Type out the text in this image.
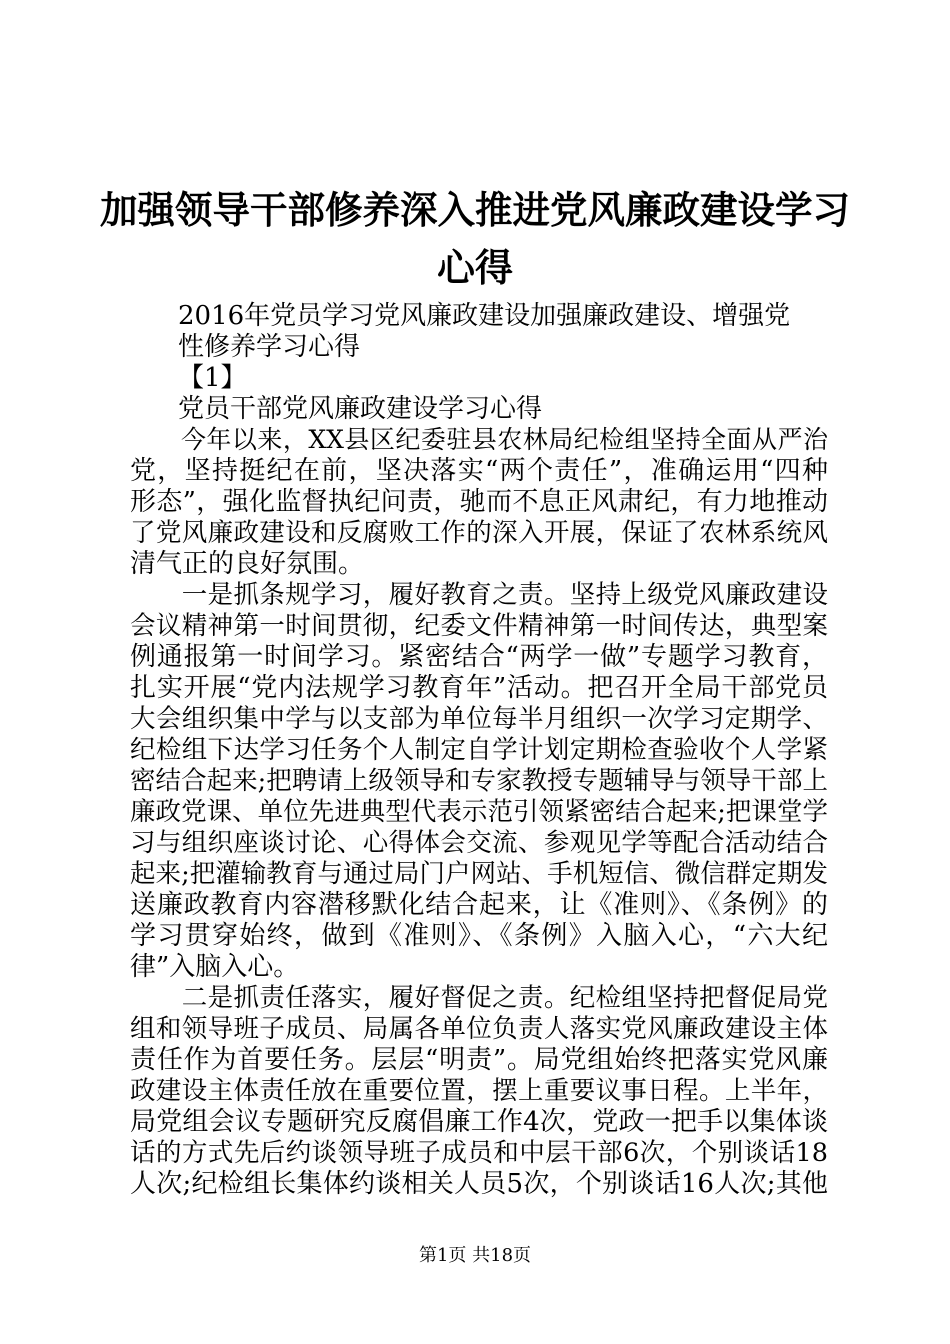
加强领导干部修养深入推进党风廉政建设学习
心得

2016年党员学习党风廉政建设加强廉政建设、增强党

性修养学习心得

【1】

党员干部党风廉政建设学习心得

　　今年以来，XX县区纪委驻县农林局纪检组坚持全面从严治

党，坚持挺纪在前，坚决落实“两个责任”，准确运用“四种

形态”，强化监督执纪问责，驰而不息正风肃纪，有力地推动

了党风廉政建设和反腐败工作的深入开展，保证了农林系统风

清气正的良好氛围。

　　一是抓条规学习，履好教育之责。坚持上级党风廉政建设

会议精神第一时间贯彻，纪委文件精神第一时间传达，典型案

例通报第一时间学习。紧密结合“两学一做”专题学习教育，

扎实开展“党内法规学习教育年”活动。把召开全局干部党员

大会组织集中学与以支部为单位每半月组织一次学习定期学、

纪检组下达学习任务个人制定自学计划定期检查验收个人学紧

密结合起来;把聘请上级领导和专家教授专题辅导与领导干部上

廉政党课、单位先进典型代表示范引领紧密结合起来;把课堂学

习与组织座谈讨论、心得体会交流、参观见学等配合活动结合

起来;把灌输教育与通过局门户网站、手机短信、微信群定期发

送廉政教育内容潜移默化结合起来，让《准则》、《条例》的

学习贯穿始终，做到《准则》、《条例》入脑入心，“六大纪

律”入脑入心。

　　二是抓责任落实，履好督促之责。纪检组坚持把督促局党

组和领导班子成员、局属各单位负责人落实党风廉政建设主体

责任作为首要任务。层层“明责”。局党组始终把落实党风廉

政建设主体责任放在重要位置，摆上重要议事日程。上半年，

局党组会议专题研究反腐倡廉工作4次，党政一把手以集体谈

话的方式先后约谈领导班子成员和中层干部6次，个别谈话18

人次;纪检组长集体约谈相关人员5次，个别谈话16人次;其他

第1页 共18页
